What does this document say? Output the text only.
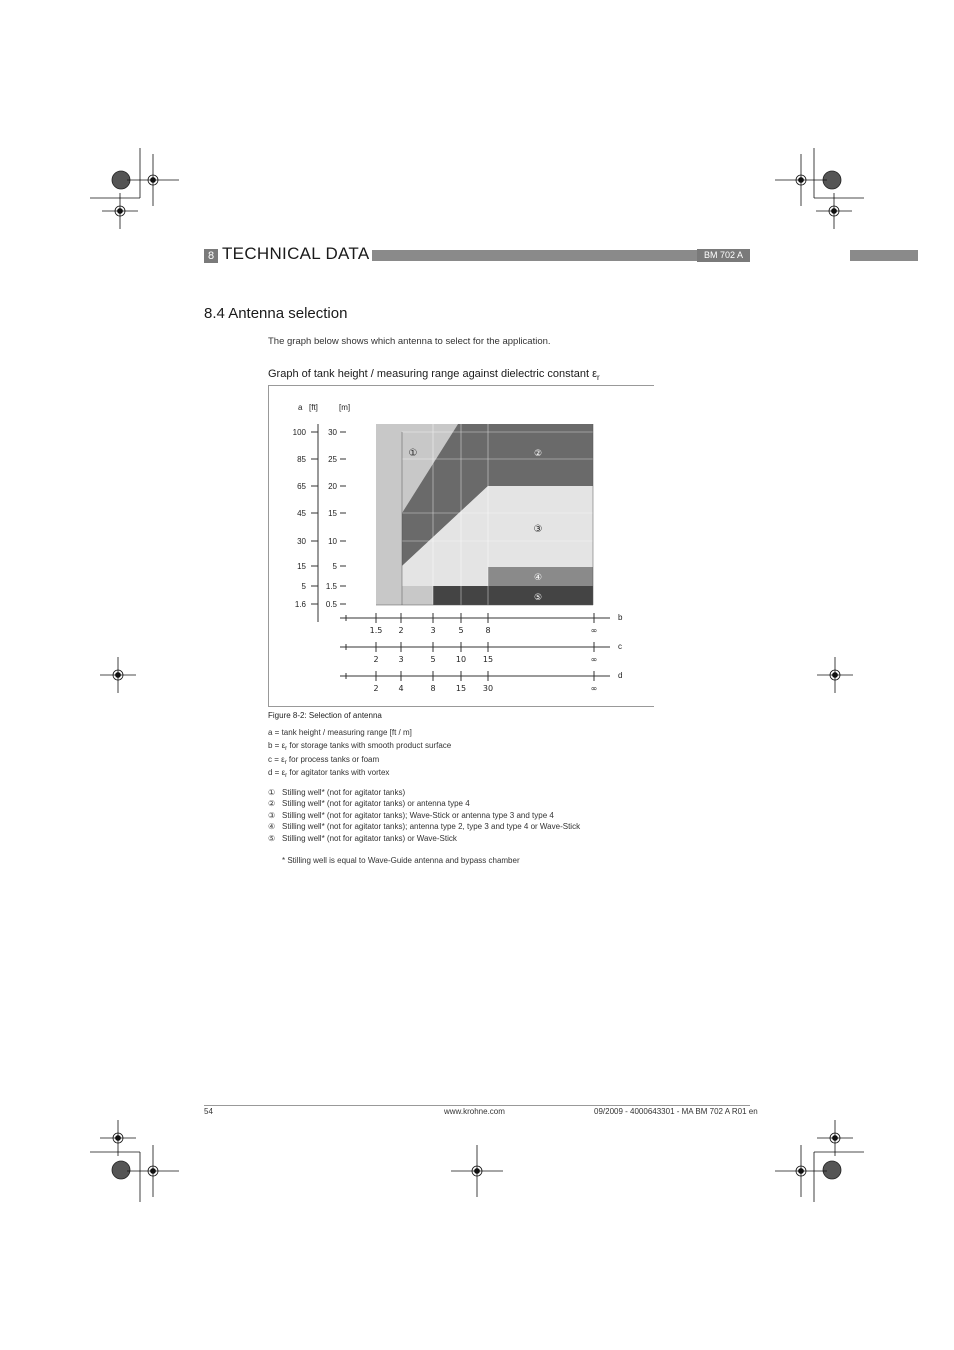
8 TECHNICAL DATA	BM 702 A
8.4 Antenna selection
The graph below shows which antenna to select for the application.
Graph of tank height / measuring range against dielectric constant $\varepsilon_r$
100	30
85	25
65	20
45	15
30	10
15	5
5 1.5
1.6 0.5
1.5 2	3	5	8	∞
b
2 3	5	10 15	∞
c
2 4	8	15 30	∞
d
a [ft]	[m]
①	②
③
④
⑤
Figure 8-2: Selection of antenna
a = tank height / measuring range [ft / m]
$b = \varepsilon_r$ for storage tanks with smooth product surface
$c = \varepsilon_r$ for process tanks or foam
$d = \varepsilon_r$ for agitator tanks with vortex
① Stilling well* (not for agitator tanks)
② Stilling well* (not for agitator tanks) or antenna type 4
③ Stilling well* (not for agitator tanks); Wave-Stick or antenna type 3 and type 4
④ Stilling well* (not for agitator tanks); antenna type 2, type 3 and type 4 or Wave-Stick
⑤ Stilling well* (not for agitator tanks) or Wave-Stick
* Stilling well is equal to Wave-Guide antenna and bypass chamber
54	www.krohne.com	09/2009 - 4000643301 - MA BM 702 A R01 en
